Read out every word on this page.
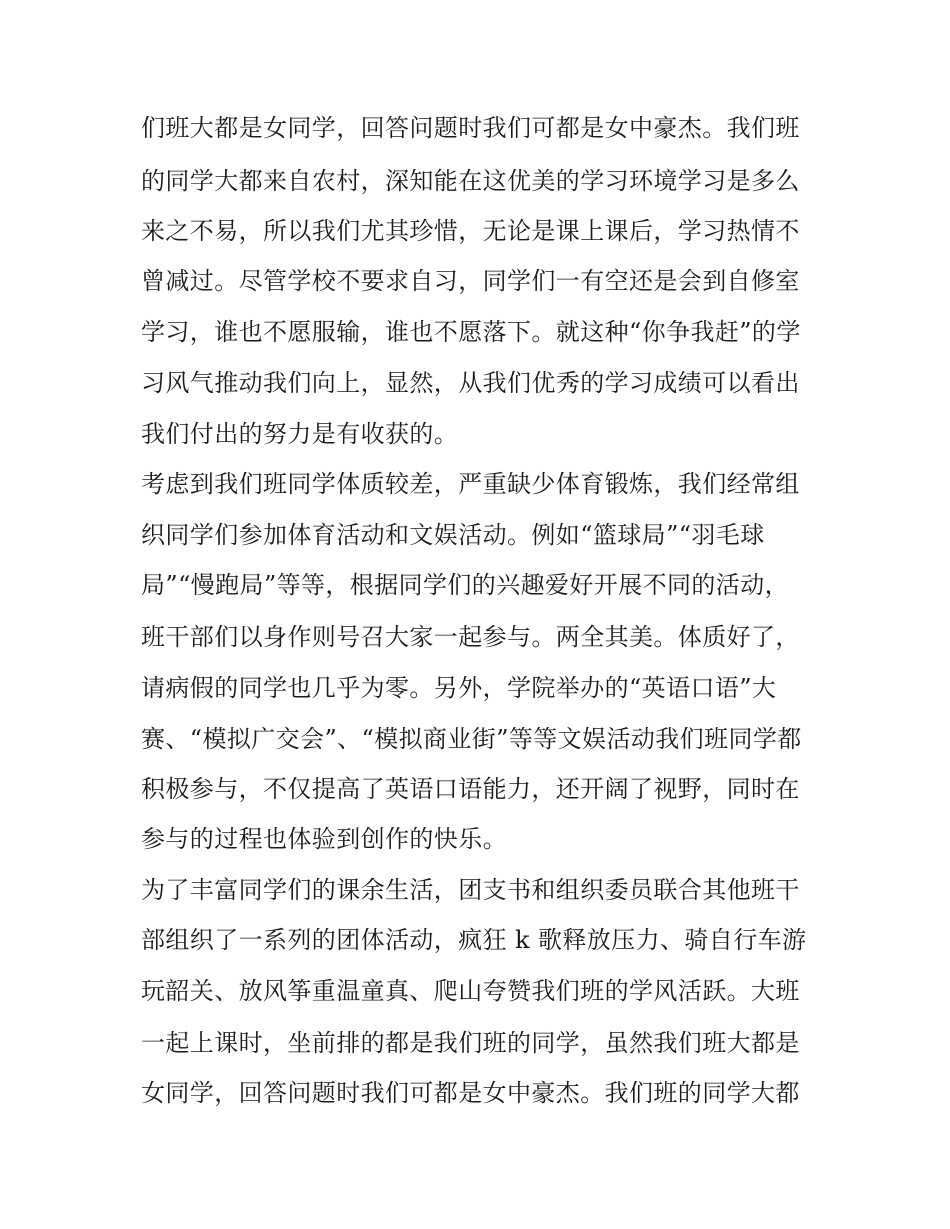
们班大都是女同学，回答问题时我们可都是女中豪杰。我们班
的同学大都来自农村，深知能在这优美的学习环境学习是多么
来之不易，所以我们尤其珍惜，无论是课上课后，学习热情不
曾减过。尽管学校不要求自习，同学们一有空还是会到自修室
学习，谁也不愿服输，谁也不愿落下。就这种“你争我赶”的学
习风气推动我们向上，显然，从我们优秀的学习成绩可以看出
我们付出的努力是有收获的。
考虑到我们班同学体质较差，严重缺少体育锻炼，我们经常组
织同学们参加体育活动和文娱活动。例如“篮球局”“羽毛球
局”“慢跑局”等等，根据同学们的兴趣爱好开展不同的活动，
班干部们以身作则号召大家一起参与。两全其美。体质好了，
请病假的同学也几乎为零。另外，学院举办的“英语口语”大
赛、“模拟广交会”、“模拟商业街”等等文娱活动我们班同学都
积极参与，不仅提高了英语口语能力，还开阔了视野，同时在
参与的过程也体验到创作的快乐。
为了丰富同学们的课余生活，团支书和组织委员联合其他班干
部组织了一系列的团体活动，疯狂 k 歌释放压力、骑自行车游
玩韶关、放风筝重温童真、爬山夸赞我们班的学风活跃。大班
一起上课时，坐前排的都是我们班的同学，虽然我们班大都是
女同学，回答问题时我们可都是女中豪杰。我们班的同学大都
